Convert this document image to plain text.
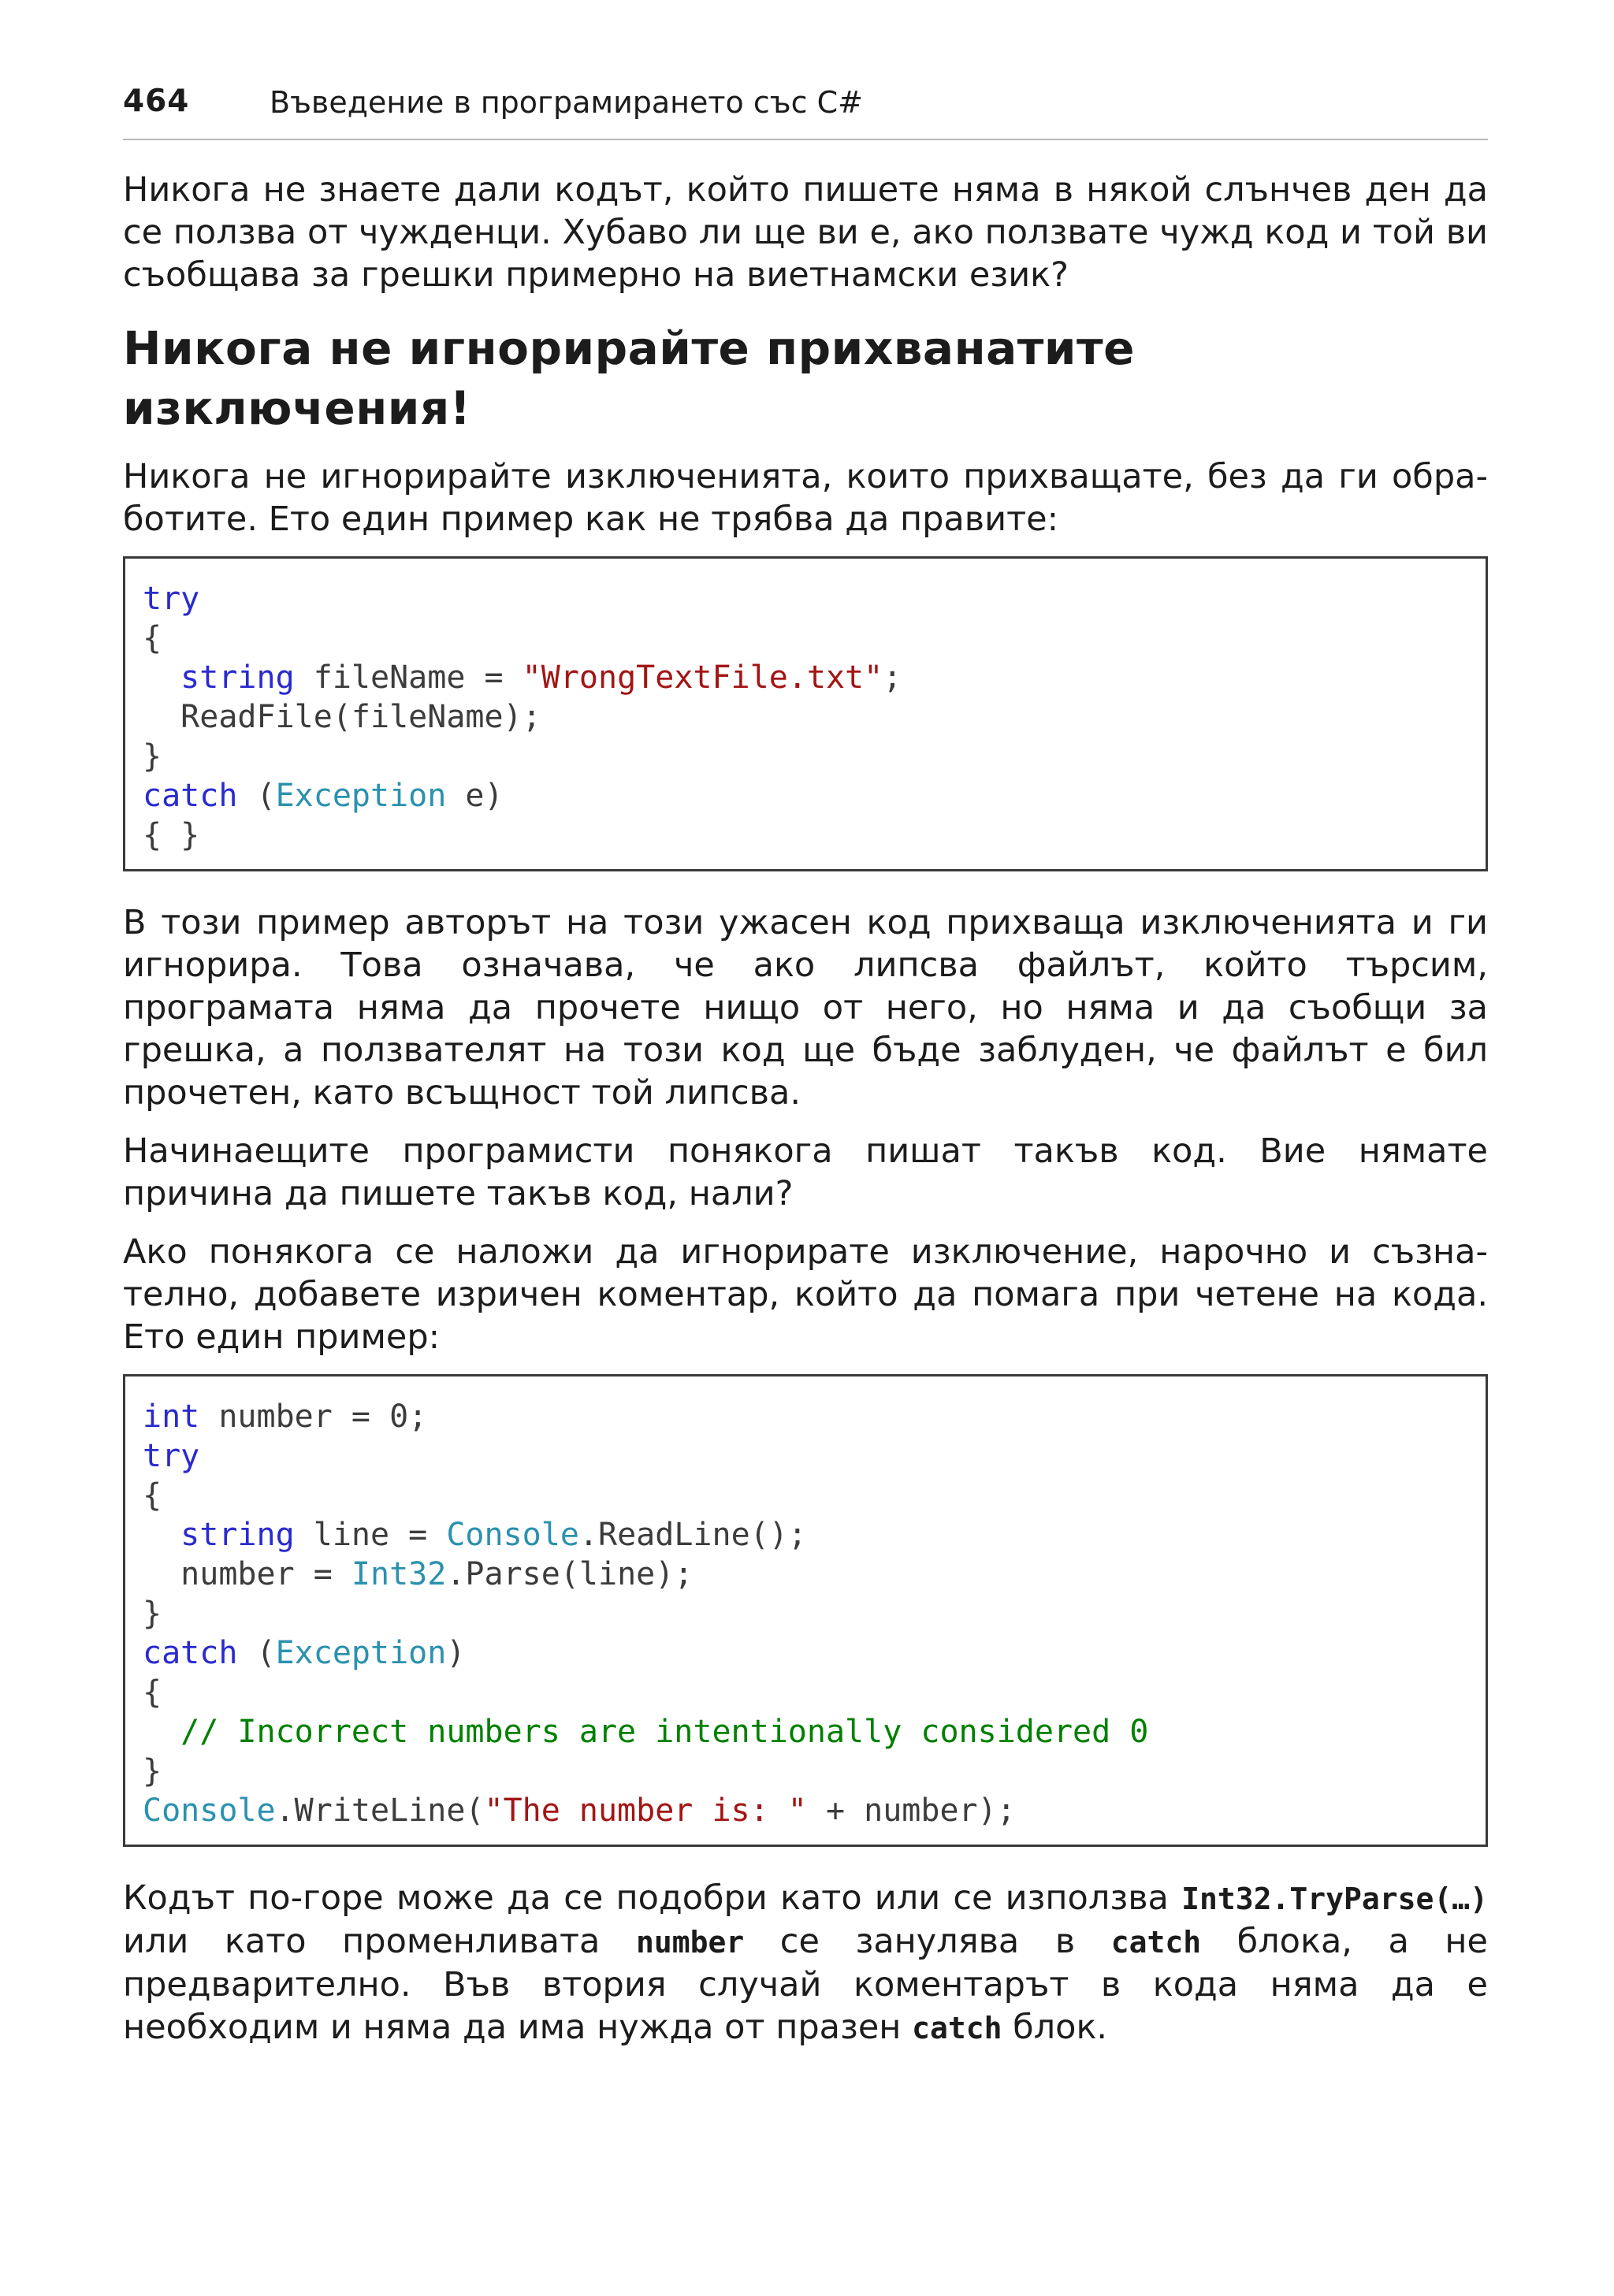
464	Въведение в програмирането със C#

Никога не знаете дали кодът, който пишете няма в някой слънчев ден да се ползва от чужденци. Хубаво ли ще ви е, ако ползвате чужд код и той ви съобщава за грешки примерно на виетнамски език?

Никога не игнорирайте прихванатите изключения!

Никога не игнорирайте изключенията, които прихващате, без да ги обработите. Ето един пример как не трябва да правите:

try
{
string fileName = "WrongTextFile.txt";
ReadFile(fileName);
}
catch (Exception e)
{ }

В този пример авторът на този ужасен код прихваща изключенията и ги игнорира. Това означава, че ако липсва файлът, който търсим, програмата няма да прочете нищо от него, но няма и да съобщи за грешка, а ползвателят на този код ще бъде заблуден, че файлът е бил прочетен, като всъщност той липсва.

Начинаещите програмисти понякога пишат такъв код. Вие нямате причина да пишете такъв код, нали?

Ако понякога се наложи да игнорирате изключение, нарочно и съзнателно, добавете изричен коментар, който да помага при четене на кода. Ето един пример:

int number = 0;
try
{
string line = Console.ReadLine();
number = Int32.Parse(line);
}
catch (Exception)
{
// Incorrect numbers are intentionally considered 0
}
Console.WriteLine("The number is: " + number);

Кодът по-горе може да се подобри като или се използва Int32.TryParse(…) или като променливата number се занулява в catch блока, а не предварително. Във втория случай коментарът в кода няма да е необходим и няма да има нужда от празен catch блок.
